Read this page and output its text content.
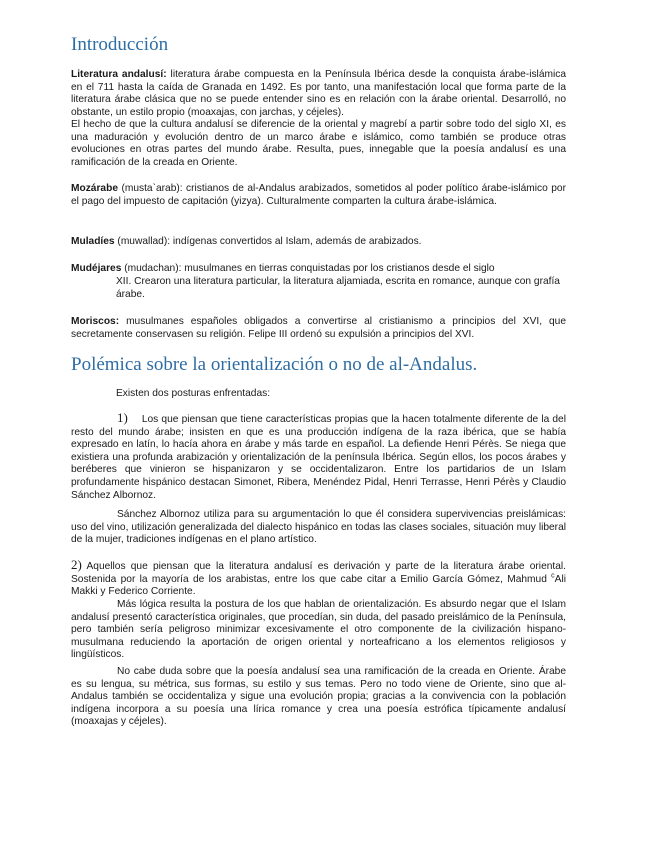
Introducción

Literatura andalusí: literatura árabe compuesta en la Península Ibérica desde la conquista árabe-islámica en el 711 hasta la caída de Granada en 1492. Es por tanto, una manifestación local que forma parte de la literatura árabe clásica que no se puede entender sino es en relación con la árabe oriental. Desarrolló, no obstante, un estilo propio (moaxajas, con jarchas, y céjeles).

El hecho de que la cultura andalusí se diferencie de la oriental y magrebí a partir sobre todo del siglo XI, es una maduración y evolución dentro de un marco árabe e islámico, como también se produce otras evoluciones en otras partes del mundo árabe. Resulta, pues, innegable que la poesía andalusí es una ramificación de la creada en Oriente.

Mozárabe (musta`arab): cristianos de al-Andalus arabizados, sometidos al poder político árabe-islámico por el pago del impuesto de capitación (yizya). Culturalmente comparten la cultura árabe-islámica.

Muladíes (muwallad): indígenas convertidos al Islam, además de arabizados.

Mudéjares (mudachan): musulmanes en tierras conquistadas por los cristianos desde el siglo

XII. Crearon una literatura particular, la literatura aljamiada, escrita en romance, aunque con grafía árabe.

Moriscos: musulmanes españoles obligados a convertirse al cristianismo a principios del XVI, que secretamente conservasen su religión. Felipe III ordenó su expulsión a principios del XVI.

Polémica sobre la orientalización o no de al-Andalus.

Existen dos posturas enfrentadas:

1) Los que piensan que tiene características propias que la hacen totalmente diferente de la del resto del mundo árabe; insisten en que es una producción indígena de la raza ibérica, que se había expresado en latín, lo hacía ahora en árabe y más tarde en español. La defiende Henri Pérès. Se niega que existiera una profunda arabización y orientalización de la península Ibérica. Según ellos, los pocos árabes y beréberes que vinieron se hispanizaron y se occidentalizaron. Entre los partidarios de un Islam profundamente hispánico destacan Simonet, Ribera, Menéndez Pidal, Henri Terrasse, Henri Pérès y Claudio Sánchez Albornoz.

Sánchez Albornoz utiliza para su argumentación lo que él considera supervivencias preislámicas: uso del vino, utilización generalizada del dialecto hispánico en todas las clases sociales, situación muy liberal de la mujer, tradiciones indígenas en el plano artístico.

2) Aquellos que piensan que la literatura andalusí es derivación y parte de la literatura árabe oriental. Sostenida por la mayoría de los arabistas, entre los que cabe citar a Emilio García Gómez, Mahmud $^c$Ali Makki y Federico Corriente.

Más lógica resulta la postura de los que hablan de orientalización. Es absurdo negar que el Islam andalusí presentó característica originales, que procedían, sin duda, del pasado preislámico de la Península, pero también sería peligroso minimizar excesivamente el otro componente de la civilización hispano-musulmana reduciendo la aportación de origen oriental y norteafricano a los elementos religiosos y lingüísticos.

No cabe duda sobre que la poesía andalusí sea una ramificación de la creada en Oriente. Árabe es su lengua, su métrica, sus formas, su estilo y sus temas. Pero no todo viene de Oriente, sino que al-Andalus también se occidentaliza y sigue una evolución propia; gracias a la convivencia con la población indígena incorpora a su poesía una lírica romance y crea una poesía estrófica típicamente andalusí (moaxajas y céjeles).
